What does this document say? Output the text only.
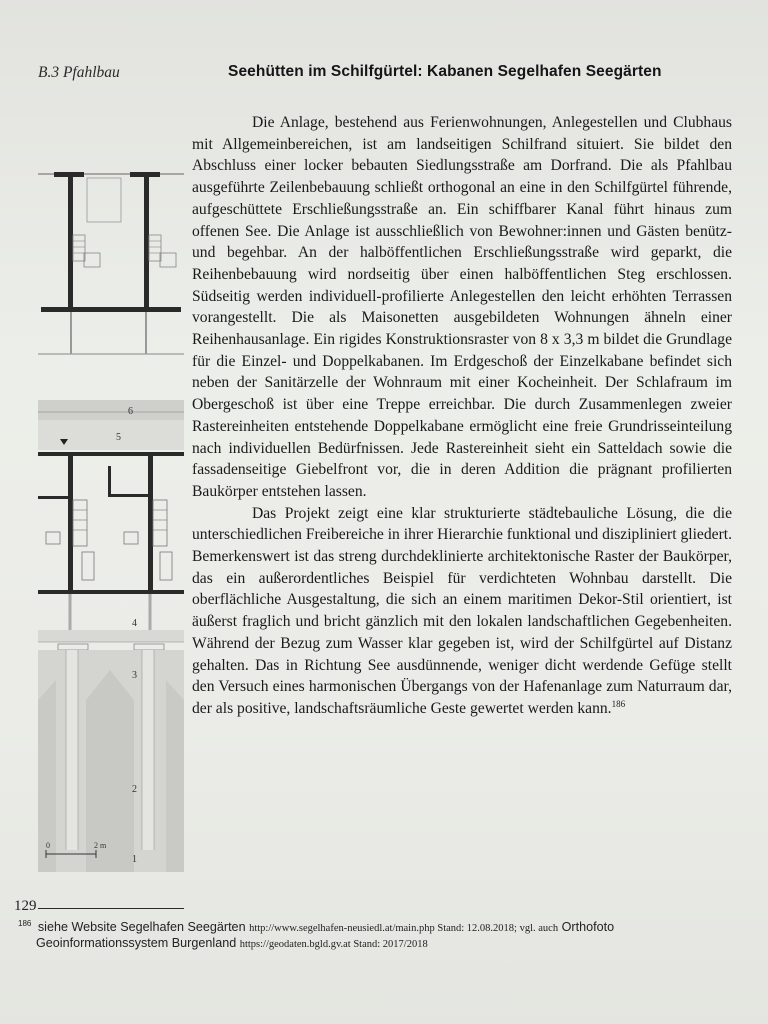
B.3 Pfahlbau	Seehütten im Schilfgürtel: Kabanen Segelhafen Seegärten
6
5
4
3
2
1
0	2 m

Die Anlage, bestehend aus Ferienwohnungen, Anlegestellen und Clubhaus mit Allgemeinbereichen, ist am landseitigen Schilfrand situiert. Sie bildet den Abschluss einer locker bebauten Siedlungsstraße am Dorfrand. Die als Pfahlbau ausgeführte Zeilenbebauung schließt orthogonal an eine in den Schilfgürtel führende, aufgeschüttete Erschließungsstraße an. Ein schiffbarer Kanal führt hinaus zum offenen See. Die Anlage ist ausschließlich von Bewohner:innen und Gästen benütz- und begehbar. An der halböffentlichen Erschließungsstraße wird geparkt, die Reihenbebauung wird nordseitig über einen halböffentlichen Steg erschlossen. Südseitig werden individuell-profilierte Anlegestellen den leicht erhöhten Terrassen vorangestellt. Die als Maisonetten ausgebildeten Wohnungen ähneln einer Reihenhausanlage. Ein rigides Konstruktionsraster von 8 x 3,3 m bildet die Grundlage für die Einzel- und Doppelkabanen. Im Erdgeschoß der Einzelkabane befindet sich neben der Sanitärzelle der Wohnraum mit einer Kocheinheit. Der Schlafraum im Obergeschoß ist über eine Treppe erreichbar. Die durch Zusammenlegen zweier Rastereinheiten entstehende Doppelkabane ermöglicht eine freie Grundrisseinteilung nach individuellen Bedürfnissen. Jede Rastereinheit sieht ein Satteldach sowie die fassadenseitige Giebelfront vor, die in deren Addition die prägnant profilierten Baukörper entstehen lassen.

Das Projekt zeigt eine klar strukturierte städtebauliche Lösung, die die unterschiedlichen Freibereiche in ihrer Hierarchie funktional und diszipliniert gliedert. Bemerkenswert ist das streng durchdeklinierte architektonische Raster der Baukörper, das ein außerordentliches Beispiel für verdichteten Wohnbau darstellt. Die oberflächliche Ausgestaltung, die sich an einem maritimen Dekor-Stil orientiert, ist äußerst fraglich und bricht gänzlich mit den lokalen landschaftlichen Gegebenheiten. Während der Bezug zum Wasser klar gegeben ist, wird der Schilfgürtel auf Distanz gehalten. Das in Richtung See ausdünnende, weniger dicht werdende Gefüge stellt den Versuch eines harmonischen Übergangs von der Hafenanlage zum Naturraum dar, der als positive, landschaftsräumliche Geste gewertet werden kann.$^{186}$

129
$^{186}$ siehe Website Segelhafen Seegärten http://www.segelhafen-neusiedl.at/main.php Stand: 12.08.2018; vgl. auch Orthofoto
Geoinformationssystem Burgenland https://geodaten.bgld.gv.at Stand: 2017/2018
